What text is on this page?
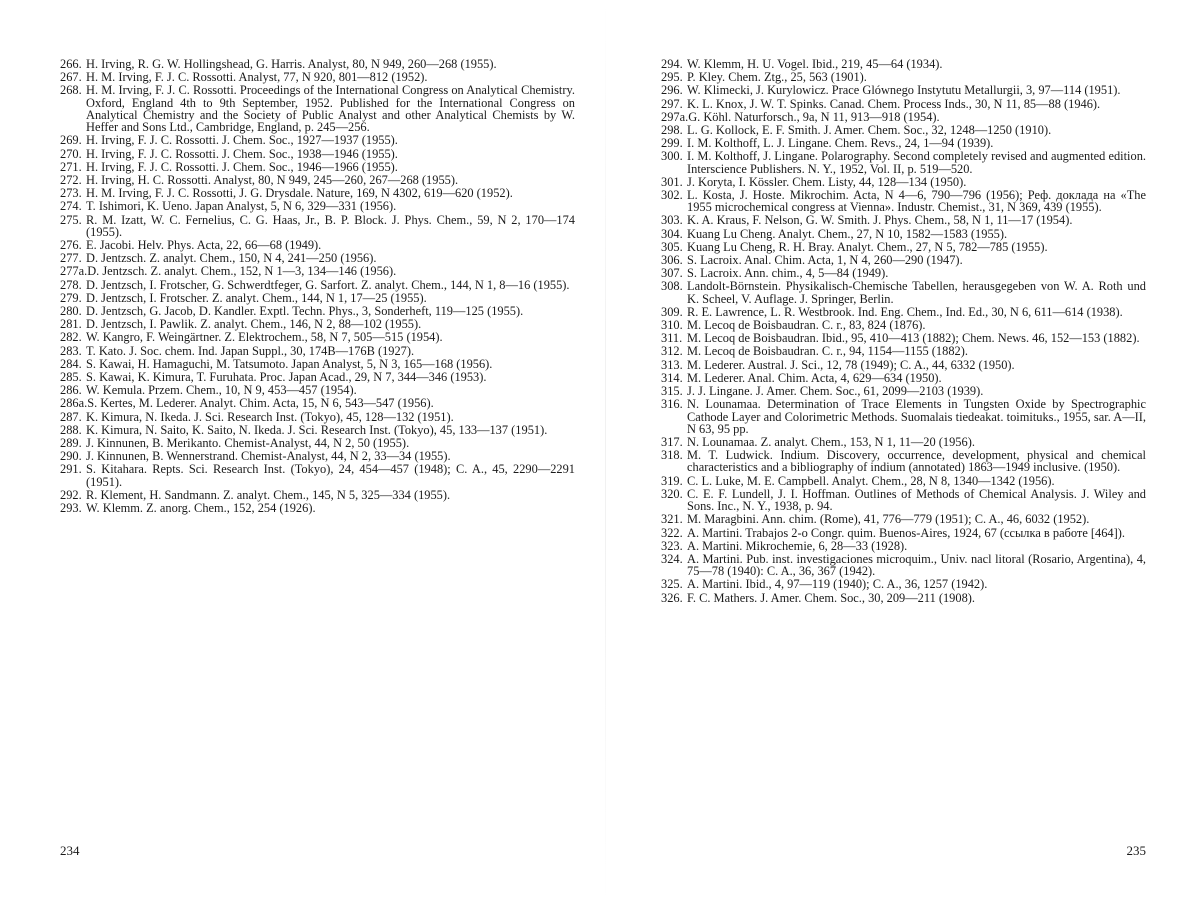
266. H. Irving, R. G. W. Hollingshead, G. Harris. Analyst, 80, N 949, 260—268 (1955).

267. H. M. Irving, F. J. C. Rossotti. Analyst, 77, N 920, 801—812 (1952).

268. H. M. Irving, F. J. C. Rossotti. Proceedings of the International Congress on Analytical Chemistry. Oxford, England 4th to 9th September, 1952. Published for the International Congress on Analytical Chemistry and the Society of Public Analyst and other Analytical Chemists by W. Heffer and Sons Ltd., Cambridge, England, p. 245—256.

269. H. Irving, F. J. C. Rossotti. J. Chem. Soc., 1927—1937 (1955).

270. H. Irving, F. J. C. Rossotti. J. Chem. Soc., 1938—1946 (1955).

271. H. Irving, F. J. C. Rossotti. J. Chem. Soc., 1946—1966 (1955).

272. H. Irving, H. C. Rossotti. Analyst, 80, N 949, 245—260, 267—268 (1955).

273. H. M. Irving, F. J. C. Rossotti, J. G. Drysdale. Nature, 169, N 4302, 619—620 (1952).

274. T. Ishimori, K. Ueno. Japan Analyst, 5, N 6, 329—331 (1956).

275. R. M. Izatt, W. C. Fernelius, C. G. Haas, Jr., B. P. Block. J. Phys. Chem., 59, N 2, 170—174 (1955).

276. E. Jacobi. Helv. Phys. Acta, 22, 66—68 (1949).

277. D. Jentzsch. Z. analyt. Chem., 150, N 4, 241—250 (1956).

277a.D. Jentzsch. Z. analyt. Chem., 152, N 1—3, 134—146 (1956).

278. D. Jentzsch, I. Frotscher, G. Schwerdtfeger, G. Sarfort. Z. analyt. Chem., 144, N 1, 8—16 (1955).

279. D. Jentzsch, I. Frotscher. Z. analyt. Chem., 144, N 1, 17—25 (1955).

280. D. Jentzsch, G. Jacob, D. Kandler. Exptl. Techn. Phys., 3, Sonderheft, 119—125 (1955).

281. D. Jentzsch, I. Pawlik. Z. analyt. Chem., 146, N 2, 88—102 (1955).

282. W. Kangro, F. Weingärtner. Z. Elektrochem., 58, N 7, 505—515 (1954).

283. T. Kato. J. Soc. chem. Ind. Japan Suppl., 30, 174B—176B (1927).

284. S. Kawai, H. Hamaguchi, M. Tatsumoto. Japan Analyst, 5, N 3, 165—168 (1956).

285. S. Kawai, K. Kimura, T. Furuhata. Proc. Japan Acad., 29, N 7, 344—346 (1953).

286. W. Kemula. Przem. Chem., 10, N 9, 453—457 (1954).

286a.S. Kertes, M. Lederer. Analyt. Chim. Acta, 15, N 6, 543—547 (1956).

287. K. Kimura, N. Ikeda. J. Sci. Research Inst. (Tokyo), 45, 128—132 (1951).

288. K. Kimura, N. Saito, K. Saito, N. Ikeda. J. Sci. Research Inst. (Tokyo), 45, 133—137 (1951).

289. J. Kinnunen, B. Merikanto. Chemist-Analyst, 44, N 2, 50 (1955).

290. J. Kinnunen, B. Wennerstrand. Chemist-Analyst, 44, N 2, 33—34 (1955).

291. S. Kitahara. Repts. Sci. Research Inst. (Tokyo), 24, 454—457 (1948); C. A., 45, 2290—2291 (1951).

292. R. Klement, H. Sandmann. Z. analyt. Chem., 145, N 5, 325—334 (1955).

293. W. Klemm. Z. anorg. Chem., 152, 254 (1926).

234

294. W. Klemm, H. U. Vogel. Ibid., 219, 45—64 (1934).

295. P. Kley. Chem. Ztg., 25, 563 (1901).

296. W. Klimecki, J. Kurylowicz. Prace Glównego Instytutu Metallurgii, 3, 97—114 (1951).

297. K. L. Knox, J. W. T. Spinks. Canad. Chem. Process Inds., 30, N 11, 85—88 (1946).

297a.G. Köhl. Naturforsch., 9a, N 11, 913—918 (1954).

298. L. G. Kollock, E. F. Smith. J. Amer. Chem. Soc., 32, 1248—1250 (1910).

299. I. M. Kolthoff, L. J. Lingane. Chem. Revs., 24, 1—94 (1939).

300. I. M. Kolthoff, J. Lingane. Polarography. Second completely revised and augmented edition. Interscience Publishers. N. Y., 1952, Vol. II, p. 519—520.

301. J. Koryta, I. Kössler. Chem. Listy, 44, 128—134 (1950).

302. L. Kosta, J. Hoste. Mikrochim. Acta, N 4—6, 790—796 (1956); Реф. доклада на «The 1955 microchemical congress at Vienna». Industr. Chemist., 31, N 369, 439 (1955).

303. K. A. Kraus, F. Nelson, G. W. Smith. J. Phys. Chem., 58, N 1, 11—17 (1954).

304. Kuang Lu Cheng. Analyt. Chem., 27, N 10, 1582—1583 (1955).

305. Kuang Lu Cheng, R. H. Bray. Analyt. Chem., 27, N 5, 782—785 (1955).

306. S. Lacroix. Anal. Chim. Acta, 1, N 4, 260—290 (1947).

307. S. Lacroix. Ann. chim., 4, 5—84 (1949).

308. Landolt-Börnstein. Physikalisch-Chemische Tabellen, herausgegeben von W. A. Roth und K. Scheel, V. Auflage. J. Springer, Berlin.

309. R. E. Lawrence, L. R. Westbrook. Ind. Eng. Chem., Ind. Ed., 30, N 6, 611—614 (1938).

310. M. Lecoq de Boisbaudran. C. r., 83, 824 (1876).

311. M. Lecoq de Boisbaudran. Ibid., 95, 410—413 (1882); Chem. News. 46, 152—153 (1882).

312. M. Lecoq de Boisbaudran. C. r., 94, 1154—1155 (1882).

313. M. Lederer. Austral. J. Sci., 12, 78 (1949); C. A., 44, 6332 (1950).

314. M. Lederer. Anal. Chim. Acta, 4, 629—634 (1950).

315. J. J. Lingane. J. Amer. Chem. Soc., 61, 2099—2103 (1939).

316. N. Lounamaa. Determination of Trace Elements in Tungsten Oxide by Spectrographic Cathode Layer and Colorimetric Methods. Suomalais tiedeakat. toimituks., 1955, sar. A—II, N 63, 95 pp.

317. N. Lounamaa. Z. analyt. Chem., 153, N 1, 11—20 (1956).

318. M. T. Ludwick. Indium. Discovery, occurrence, development, physical and chemical characteristics and a bibliography of indium (annotated) 1863—1949 inclusive. (1950).

319. C. L. Luke, M. E. Campbell. Analyt. Chem., 28, N 8, 1340—1342 (1956).

320. C. E. F. Lundell, J. I. Hoffman. Outlines of Methods of Chemical Analysis. J. Wiley and Sons. Inc., N. Y., 1938, p. 94.

321. M. Maragbini. Ann. chim. (Rome), 41, 776—779 (1951); C. A., 46, 6032 (1952).

322. A. Martini. Trabajos 2-o Congr. quim. Buenos-Aires, 1924, 67 (ссылка в работе [464]).

323. A. Martini. Mikrochemie, 6, 28—33 (1928).

324. A. Martini. Pub. inst. investigaciones microquim., Univ. nacl litoral (Rosario, Argentina), 4, 75—78 (1940): C. A., 36, 367 (1942).

325. A. Martini. Ibid., 4, 97—119 (1940); C. A., 36, 1257 (1942).

326. F. C. Mathers. J. Amer. Chem. Soc., 30, 209—211 (1908).

235
